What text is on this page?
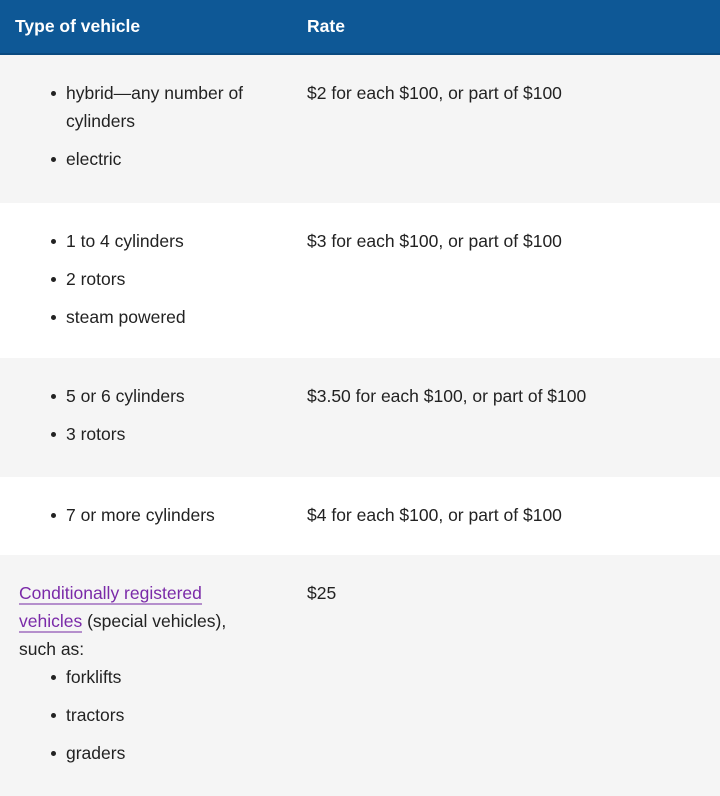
Type of vehicle	Rate
hybrid—any number of cylinders
electric
$2 for each $100, or part of $100
1 to 4 cylinders
2 rotors
steam powered
$3 for each $100, or part of $100
5 or 6 cylinders
3 rotors
$3.50 for each $100, or part of $100
7 or more cylinders	$4 for each $100, or part of $100
Conditionally registered
vehicles (special vehicles),
such as:
forklifts
tractors
graders
$25
